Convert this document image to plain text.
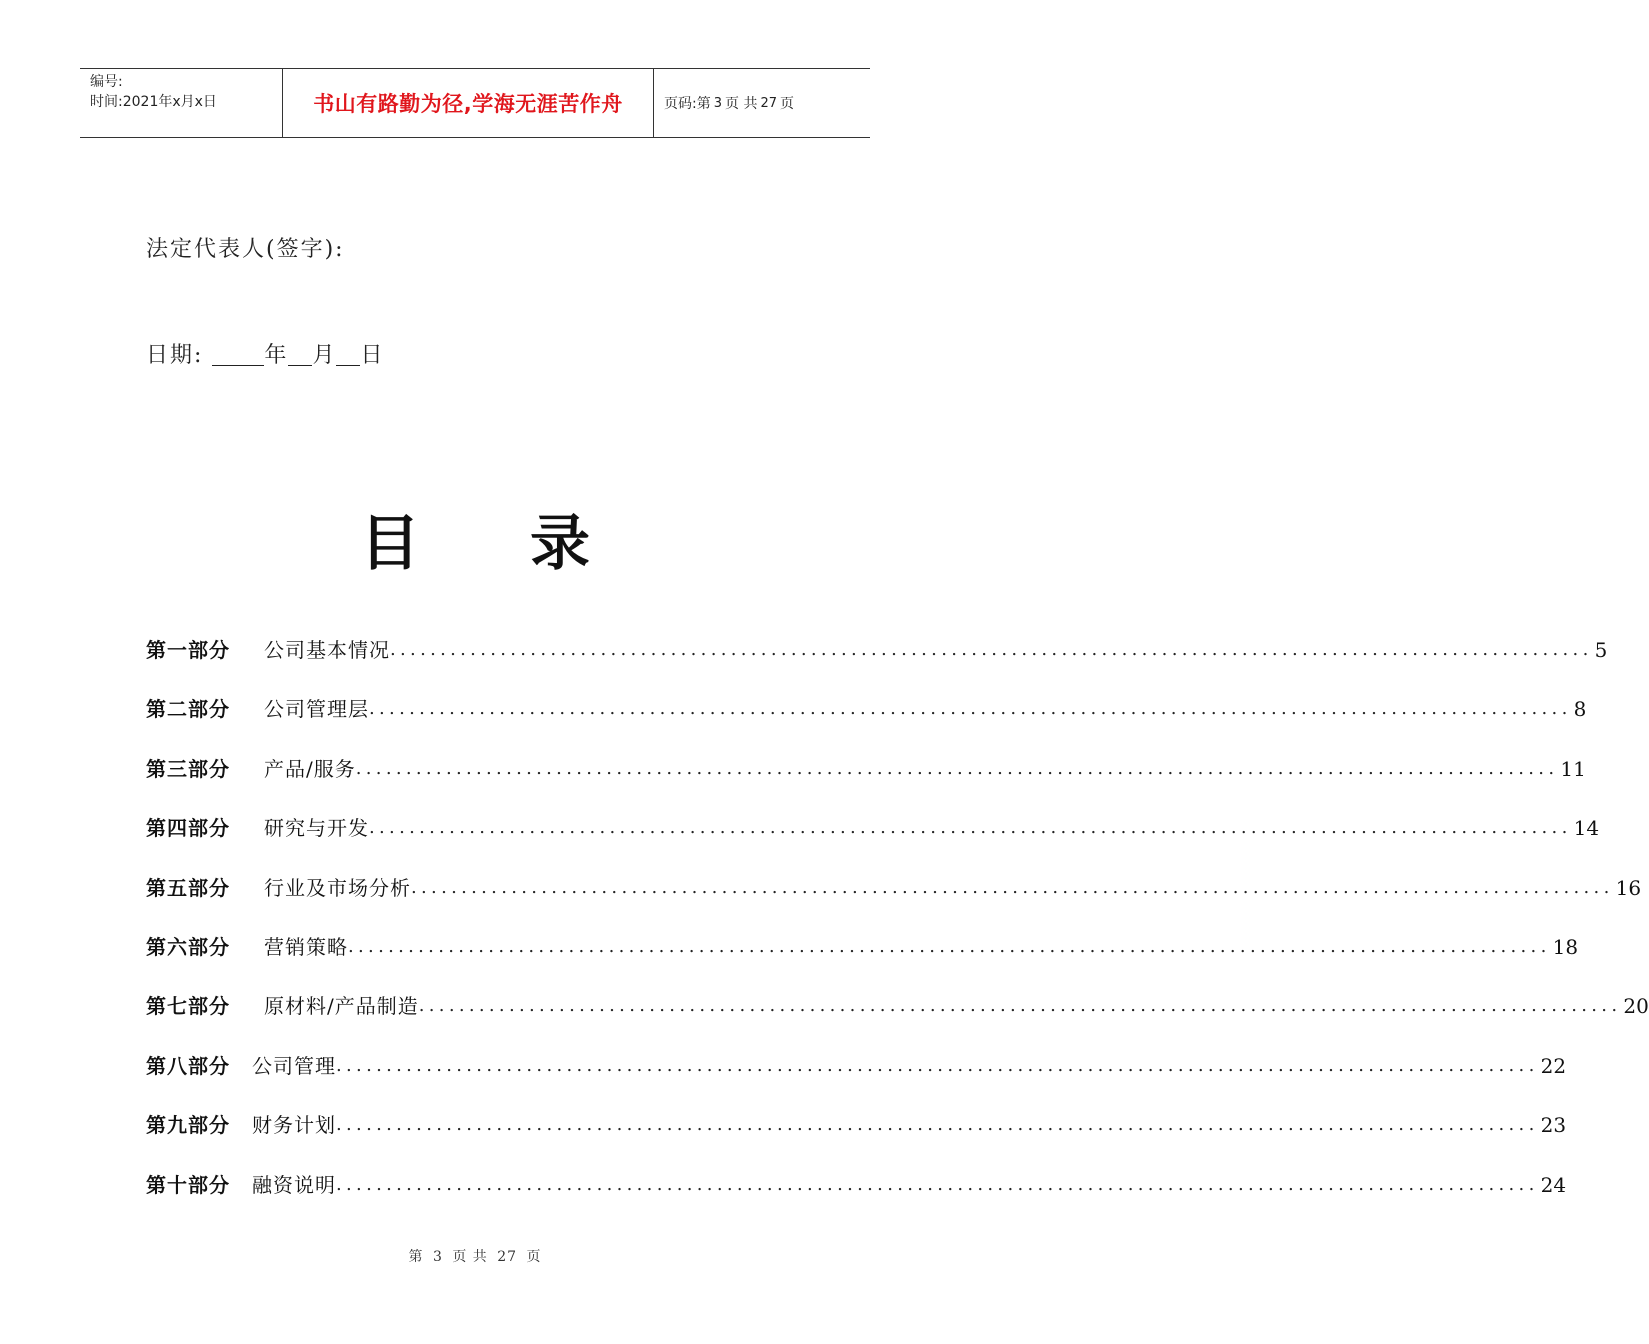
编号:
时间:2021年x月x日	书山有路勤为径,学海无涯苦作舟	页码:第 3 页 共 27 页
法定代表人(签字):
日期:	年 月 日
目录
第一部分 公司基本情况 ........................................................................................................................ 5
第二部分 公司管理层 ........................................................................................................................ 8
第三部分 产品/服务 ........................................................................................................................ 11
第四部分 研究与开发 ........................................................................................................................ 14
第五部分 行业及市场分析 ........................................................................................................................ 16
第六部分 营销策略 ........................................................................................................................ 18
第七部分 原材料/产品制造 ........................................................................................................................ 20
第八部分 公司管理 ........................................................................................................................ 22
第九部分 财务计划 ........................................................................................................................ 23
第十部分 融资说明 ........................................................................................................................ 24
第 3 页 共 27 页
